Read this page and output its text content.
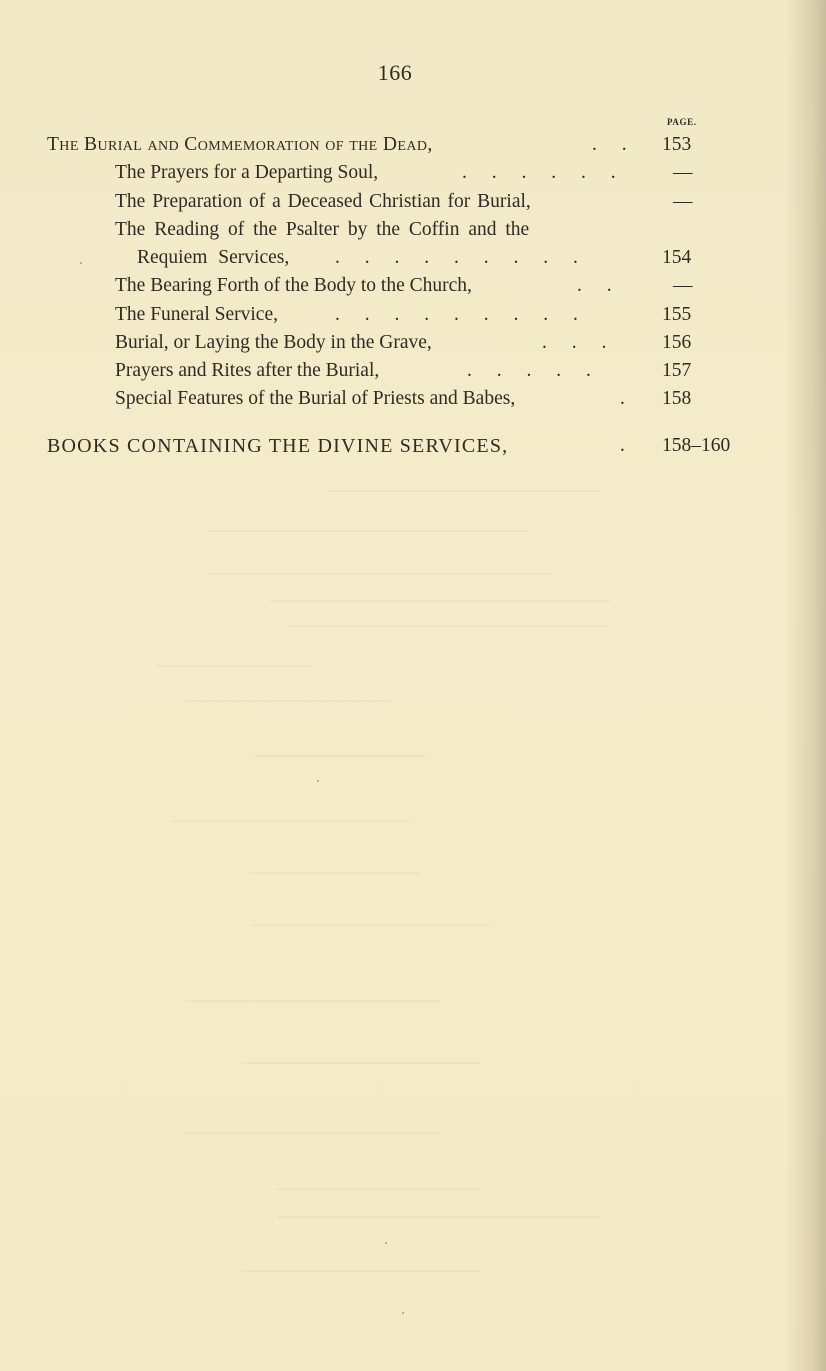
————————————————
———————————————————
————————————————————
————————————————————
———————————————————
—————————
————————————
——————————
——————————————
——————————
——————————————
———————————————
——————————————
———————————————
————————————
———————————————————
——————————————
166
PAGE.
The Burial and Commemoration of the Dead,	. . 153
The Prayers for a Departing Soul,	. . . . . . —
The Preparation of a Deceased Christian for Burial,	—
The Reading of the Psalter by the Coffin and the
Requiem Services, . . . . . . . . .	154
The Bearing Forth of the Body to the Church,	. .	—
The Funeral Service,	. . . . . . . . .	155
Burial, or Laying the Body in the Grave,	. . . 156
Prayers and Rites after the Burial,	. . . . .	157
Special Features of the Burial of Priests and Babes,	. 158
BOOKS CONTAINING THE DIVINE SERVICES,	. 158–160
